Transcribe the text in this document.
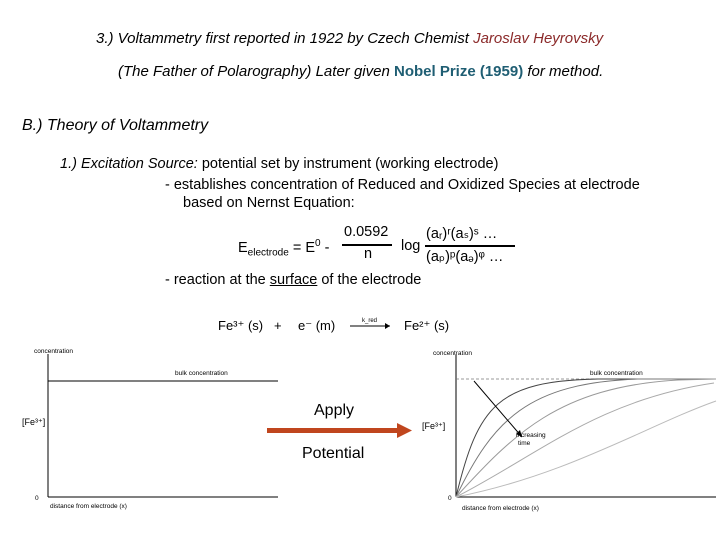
3.) Voltammetry first reported in 1922 by Czech Chemist Jaroslav Heyrovsky
(The Father of Polarography) Later given Nobel Prize (1959) for method.
B.) Theory of Voltammetry
1.) Excitation Source: potential set by instrument (working electrode)
- establishes concentration of Reduced and Oxidized Species at electrode
based on Nernst Equation:
$E_{electrode} = E^0$ -
0.0592
n log
(aᵣ)ʳ(aₛ)ˢ …
(aₚ)ᵖ(aₔ)ᵠ …
- reaction at the surface of the electrode
Fe³⁺ (s) + e⁻ (m)	k_red Fe²⁺ (s)
concentration
bulk concentration
[Fe³⁺]
0
distance from electrode (x)
Apply
Potential
concentration
bulk concentration
[Fe³⁺]
increasing
time
0
distance from electrode (x)
